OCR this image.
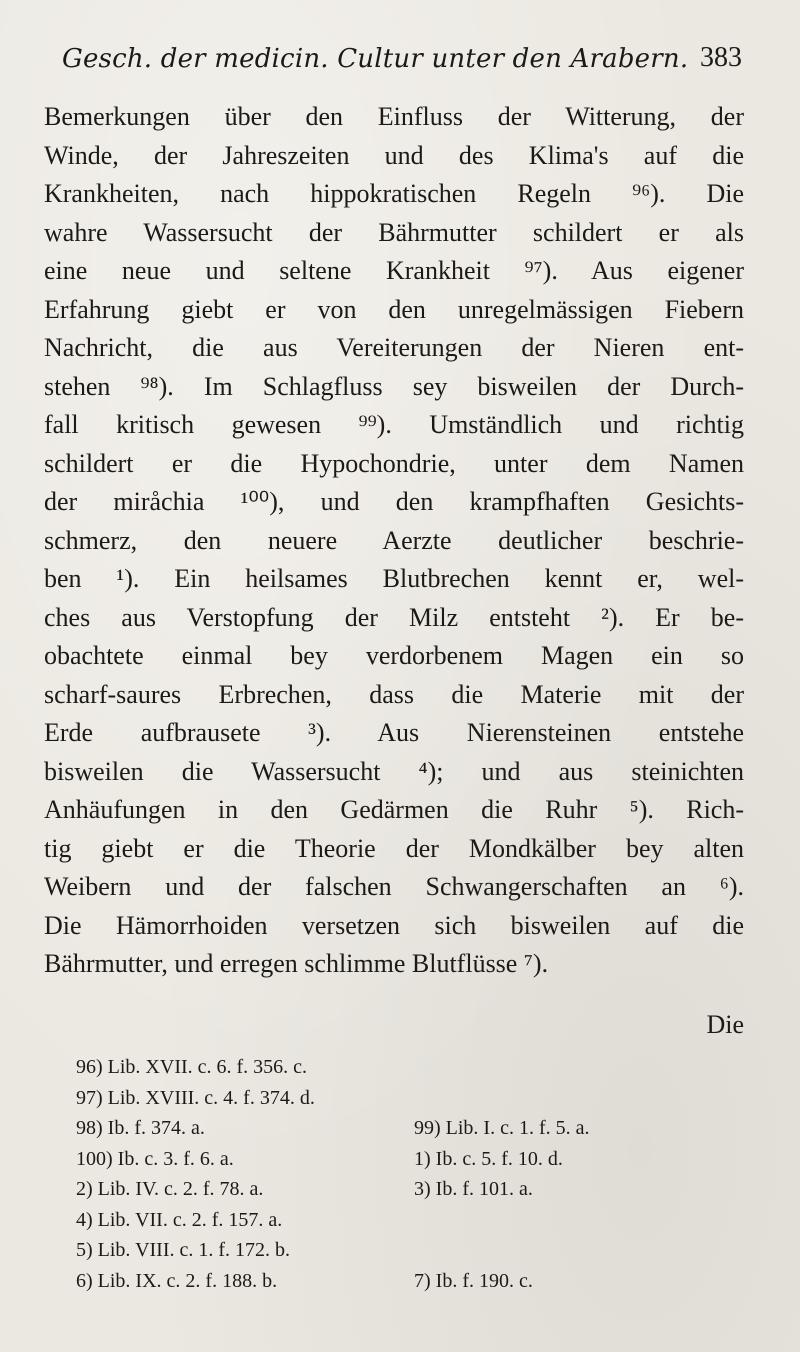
Gesch. der medicin. Cultur unter den Arabern. 383
Bemerkungen über den Einfluss der Witterung, der
Winde, der Jahreszeiten und des Klima's auf die
Krankheiten, nach hippokratischen Regeln ⁹⁶). Die
wahre Wassersucht der Bährmutter schildert er als
eine neue und seltene Krankheit ⁹⁷). Aus eigener
Erfahrung giebt er von den unregelmässigen Fiebern
Nachricht, die aus Vereiterungen der Nieren ent-
stehen ⁹⁸). Im Schlagfluss sey bisweilen der Durch-
fall kritisch gewesen ⁹⁹). Umständlich und richtig
schildert er die Hypochondrie, unter dem Namen
der miråchia ¹⁰⁰), und den krampfhaften Gesichts-
schmerz, den neuere Aerzte deutlicher beschrie-
ben ¹). Ein heilsames Blutbrechen kennt er, wel-
ches aus Verstopfung der Milz entsteht ²). Er be-
obachtete einmal bey verdorbenem Magen ein so
scharf-saures Erbrechen, dass die Materie mit der
Erde aufbrausete ³). Aus Nierensteinen entstehe
bisweilen die Wassersucht ⁴); und aus steinichten
Anhäufungen in den Gedärmen die Ruhr ⁵). Rich-
tig giebt er die Theorie der Mondkälber bey alten
Weibern und der falschen Schwangerschaften an ⁶).
Die Hämorrhoiden versetzen sich bisweilen auf die
Bährmutter, und erregen schlimme Blutflüsse ⁷).
Die
96) Lib. XVII. c. 6. f. 356. c.
97) Lib. XVIII. c. 4. f. 374. d.
98) Ib. f. 374. a.	99) Lib. I. c. 1. f. 5. a.
100) Ib. c. 3. f. 6. a.	1) Ib. c. 5. f. 10. d.
2) Lib. IV. c. 2. f. 78. a.	3) Ib. f. 101. a.
4) Lib. VII. c. 2. f. 157. a.
5) Lib. VIII. c. 1. f. 172. b.
6) Lib. IX. c. 2. f. 188. b.	7) Ib. f. 190. c.
